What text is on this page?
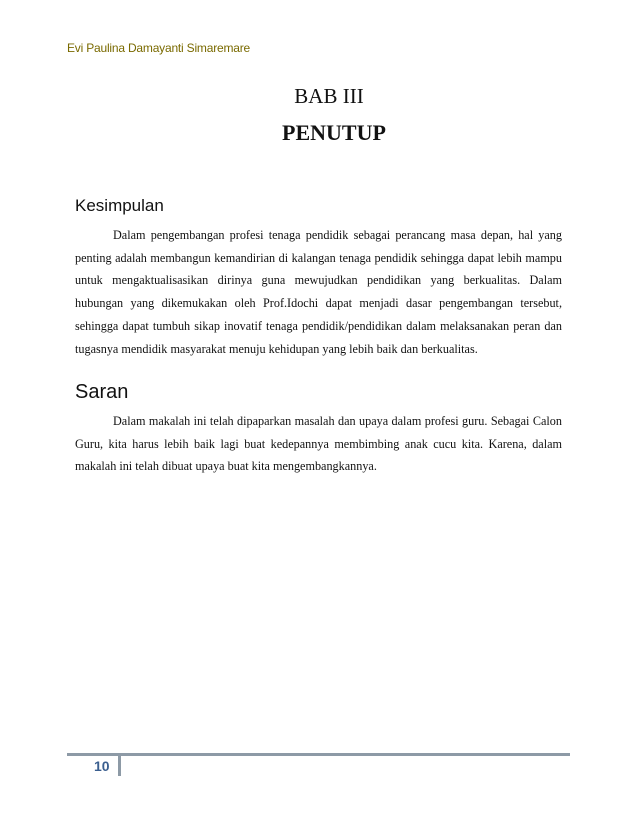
Evi Paulina Damayanti Simaremare
BAB III
PENUTUP
Kesimpulan

Dalam pengembangan profesi tenaga pendidik sebagai perancang masa depan, hal yang penting adalah membangun kemandirian di kalangan tenaga pendidik sehingga dapat lebih mampu untuk mengaktualisasikan dirinya guna mewujudkan pendidikan yang berkualitas. Dalam hubungan yang dikemukakan oleh Prof.Idochi dapat menjadi dasar pengembangan tersebut, sehingga dapat tumbuh sikap inovatif tenaga pendidik/pendidikan dalam melaksanakan peran dan tugasnya mendidik masyarakat menuju kehidupan yang lebih baik dan berkualitas.

Saran

Dalam makalah ini telah dipaparkan masalah dan upaya dalam profesi guru. Sebagai Calon Guru, kita harus lebih baik lagi buat kedepannya membimbing anak cucu kita. Karena, dalam makalah ini telah dibuat upaya buat kita mengembangkannya.

10
